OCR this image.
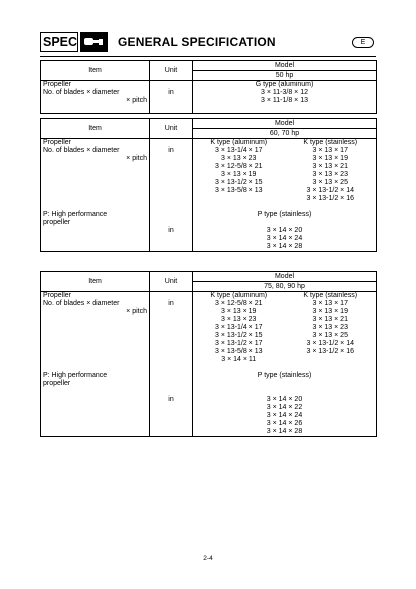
SPEC	GENERAL SPECIFICATION	E
Item	Unit	Model
		50 hp
Propeller		G type (aluminum)
No. of blades × diameter	in	3 × 11-3/8 × 12
× pitch		3 × 11-1/8 × 13

Item	Unit	Model	
		60, 70 hp	
Propeller		K type (aluminum)	K type (stainless)
No. of blades × diameter	in	3 × 13-1/4 × 17	3 × 13 × 17
× pitch		3 × 13 × 23	3 × 13 × 19
		3 × 12-5/8 × 21	3 × 13 × 21
		3 × 13 × 19	3 × 13 × 23
		3 × 13-1/2 × 15	3 × 13 × 25
		3 × 13-5/8 × 13	3 × 13-1/2 × 14
			3 × 13-1/2 × 16

P: High performance		P type (stainless)	
propeller			
	in	3 × 14 × 20	
		3 × 14 × 24	
		3 × 14 × 28	
Item	Unit	Model	
		75, 80, 90 hp	
Propeller		K type (aluminum)	K type (stainless)
No. of blades × diameter	in	3 × 12-5/8 × 21	3 × 13 × 17
× pitch		3 × 13 × 19	3 × 13 × 19
		3 × 13 × 23	3 × 13 × 21
		3 × 13-1/4 × 17	3 × 13 × 23
		3 × 13-1/2 × 15	3 × 13 × 25
		3 × 13-1/2 × 17	3 × 13-1/2 × 14
		3 × 13-5/8 × 13	3 × 13-1/2 × 16
		3 × 14 × 11	

P: High performance		P type (stainless)	
propeller			

	in	3 × 14 × 20	
		3 × 14 × 22	
		3 × 14 × 24	
		3 × 14 × 26	
		3 × 14 × 28	
2-4
